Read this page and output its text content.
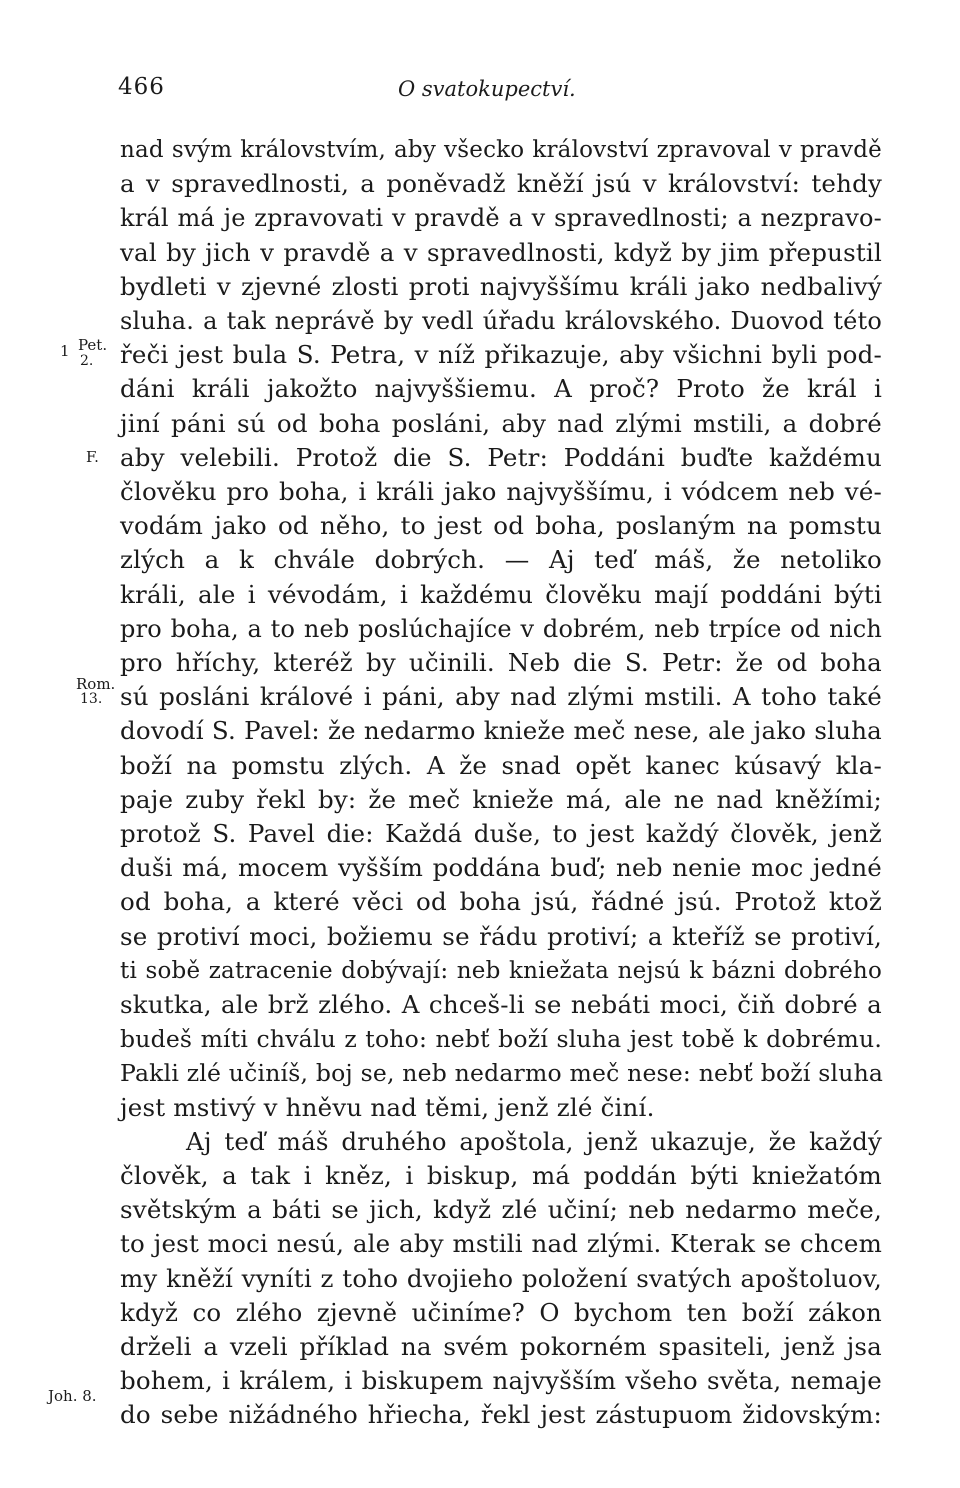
466	O svatokupectví.
1 Pet.
2.
F.
Rom.
13.
Joh. 8.
nad svým královstvím, aby všecko království zpravoval v pravdě
a v spravedlnosti, a poněvadž kněží jsú v království: tehdy
král má je zpravovati v pravdě a v spravedlnosti; a nezpravo-
val by jich v pravdě a v spravedlnosti, když by jim přepustil
bydleti v zjevné zlosti proti najvyššímu králi jako nedbalivý
sluha. a tak neprávě by vedl úřadu královského. Duovod této
řeči jest bula S. Petra, v níž přikazuje, aby všichni byli pod-
dáni králi jakožto najvyššiemu. A proč? Proto že král i
jiní páni sú od boha posláni, aby nad zlými mstili, a dobré
aby velebili. Protož die S. Petr: Poddáni buďte každému
člověku pro boha, i králi jako najvyššímu, i vódcem neb vé-
vodám jako od něho, to jest od boha, poslaným na pomstu
zlých a k chvále dobrých. — Aj teď máš, že netoliko
králi, ale i vévodám, i každému člověku mají poddáni býti
pro boha, a to neb poslúchajíce v dobrém, neb trpíce od nich
pro hříchy, kteréž by učinili. Neb die S. Petr: že od boha
sú posláni králové i páni, aby nad zlými mstili. A toho také
dovodí S. Pavel: že nedarmo knieže meč nese, ale jako sluha
boží na pomstu zlých. A že snad opět kanec kúsavý kla-
paje zuby řekl by: že meč knieže má, ale ne nad kněžími;
protož S. Pavel die: Každá duše, to jest každý člověk, jenž
duši má, mocem vyšším poddána buď; neb nenie moc jedné
od boha, a které věci od boha jsú, řádné jsú. Protož ktož
se protiví moci, božiemu se řádu protiví; a kteříž se protiví,
ti sobě zatracenie dobývají: neb kniežata nejsú k bázni dobrého
skutka, ale brž zlého. A chceš-li se nebáti moci, čiň dobré a
budeš míti chválu z toho: nebť boží sluha jest tobě k dobrému.
Pakli zlé učiníš, boj se, neb nedarmo meč nese: nebť boží sluha
jest mstivý v hněvu nad těmi, jenž zlé činí.
Aj teď máš druhého apoštola, jenž ukazuje, že každý
člověk, a tak i kněz, i biskup, má poddán býti kniežatóm
světským a báti se jich, když zlé učiní; neb nedarmo meče,
to jest moci nesú, ale aby mstili nad zlými. Kterak se chcem
my kněží vyníti z toho dvojieho položení svatých apoštoluov,
když co zlého zjevně učiníme? O bychom ten boží zákon
drželi a vzeli příklad na svém pokorném spasiteli, jenž jsa
bohem, i králem, i biskupem najvyšším všeho světa, nemaje
do sebe nižádného hřiecha, řekl jest zástupuom židovským:
